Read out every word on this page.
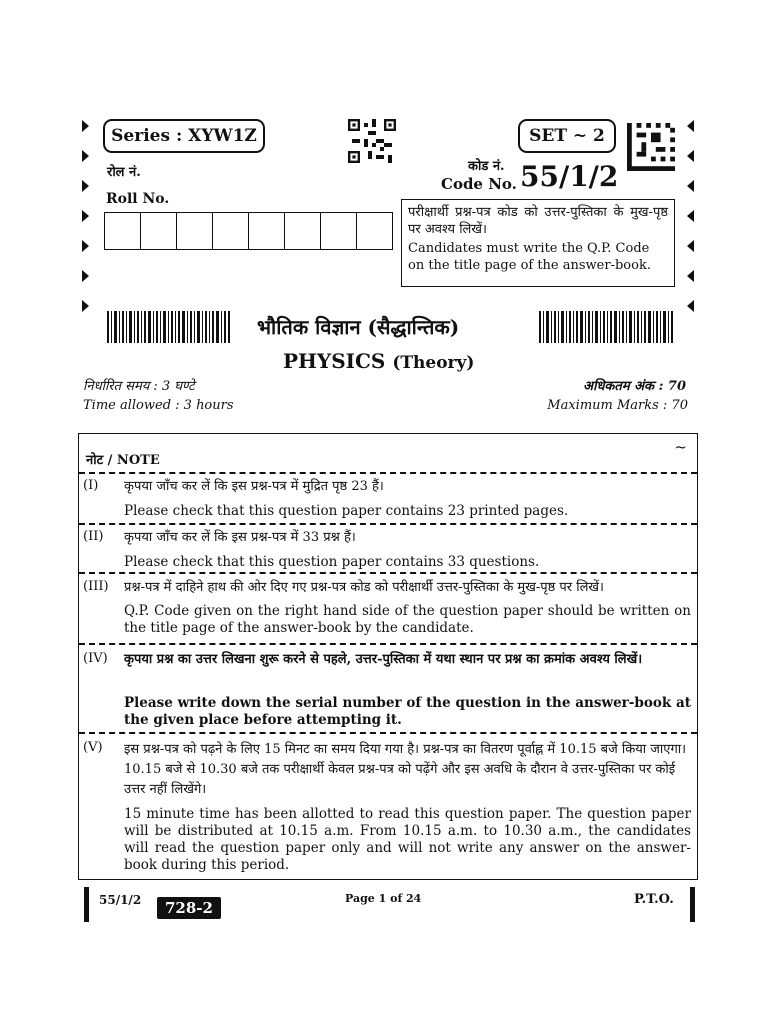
Series : XYW1Z	SET ~ 2
रोल नं.
Roll No.
कोड नं.
Code No. 55/1/2

परीक्षार्थी प्रश्न-पत्र कोड को उत्तर-पुस्तिका के मुख-पृष्ठ पर अवश्य लिखें।

Candidates must write the Q.P. Code on the title page of the answer-book.

भौतिक विज्ञान (सैद्धान्तिक)
PHYSICS (Theory)
निर्धारित समय : 3 घण्टे
Time allowed : 3 hours
अधिकतम अंक : 70
Maximum Marks : 70
नोट / NOTE
~
(I) कृपया जाँच कर लें कि इस प्रश्न-पत्र में मुद्रित पृष्ठ 23 हैं।
Please check that this question paper contains 23 printed pages.
(II) कृपया जाँच कर लें कि इस प्रश्न-पत्र में 33 प्रश्न हैं।
Please check that this question paper contains 33 questions.
(III) प्रश्न-पत्र में दाहिने हाथ की ओर दिए गए प्रश्न-पत्र कोड को परीक्षार्थी उत्तर-पुस्तिका के मुख-पृष्ठ पर लिखें।
Q.P. Code given on the right hand side of the question paper should be written on the title page of the answer-book by the candidate.
(IV) कृपया प्रश्न का उत्तर लिखना शुरू करने से पहले, उत्तर-पुस्तिका में यथा स्थान पर प्रश्न का क्रमांक अवश्य लिखें।
Please write down the serial number of the question in the answer-book at the given place before attempting it.
(V) इस प्रश्न-पत्र को पढ़ने के लिए 15 मिनट का समय दिया गया है। प्रश्न-पत्र का वितरण पूर्वाह्न में 10.15 बजे किया जाएगा। 10.15 बजे से 10.30 बजे तक परीक्षार्थी केवल प्रश्न-पत्र को पढ़ेंगे और इस अवधि के दौरान वे उत्तर-पुस्तिका पर कोई उत्तर नहीं लिखेंगे।
15 minute time has been allotted to read this question paper. The question paper will be distributed at 10.15 a.m. From 10.15 a.m. to 10.30 a.m., the candidates will read the question paper only and will not write any answer on the answer-book during this period.
55/1/2	728-2
Page 1 of 24	P.T.O.
